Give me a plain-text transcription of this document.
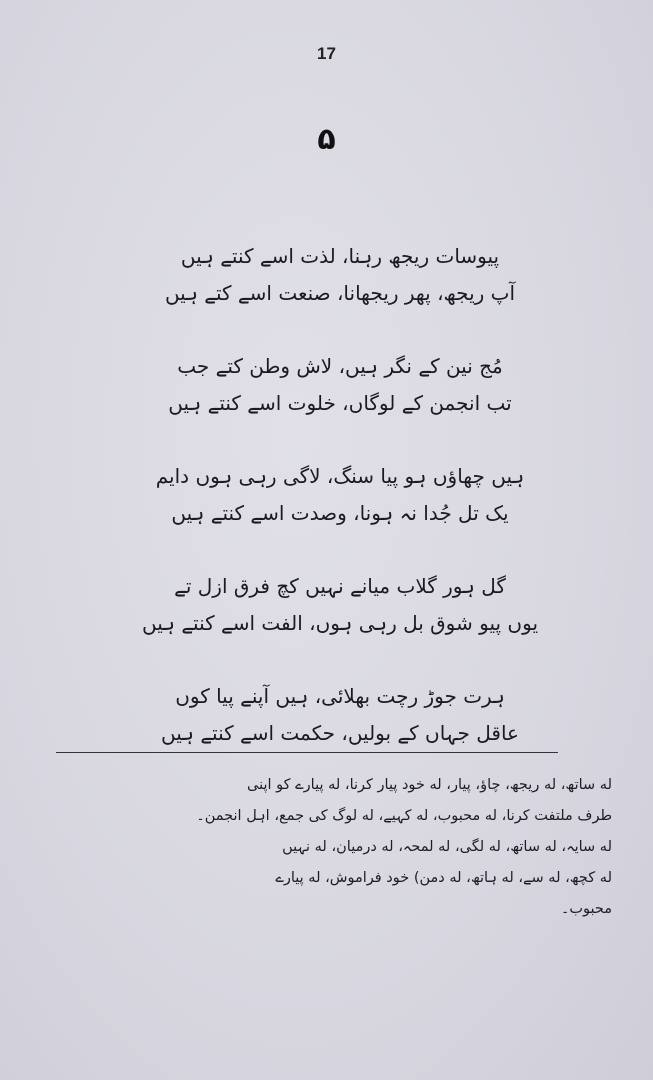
17
۵
پیوسات ریجھ رہنا، لذت اسے کنتے ہیں
آپ ریجھ، پھر ریجھانا، صنعت اسے کتے ہیں
مُج نین کے نگر ہیں، لاش وطن کتے جب
تب انجمن کے لوگاں، خلوت اسے کنتے ہیں
ہیں چھاؤں ہو پیا سنگ، لاگی رہی ہوں دایم
یک تل جُدا نہ ہونا، وصدت اسے کنتے ہیں
گل ہور گلاب میانے نہیں کچ فرق ازل تے
یوں پیو شوق بل رہی ہوں، الفت اسے کنتے ہیں
ہرت جوڑ رچت بھلائی، ہیں آپنے پیا کوں
عاقل جہاں کے بولیں، حکمت اسے کنتے ہیں
له ساتھ، له ریجھ، چاؤ، پیار، له خود پیار کرنا، له پیارے کو اپنی
طرف ملتفت کرنا، له محبوب، له کہیے، له لوگ کی جمع، اہل انجمن۔
له سایہ، له ساتھ، له لگی، له لمحہ، له درمیان، له نہیں
له کچھ، له سے، له ہاتھ، له دمن) خود فراموش، له پیارے
محبوب۔
